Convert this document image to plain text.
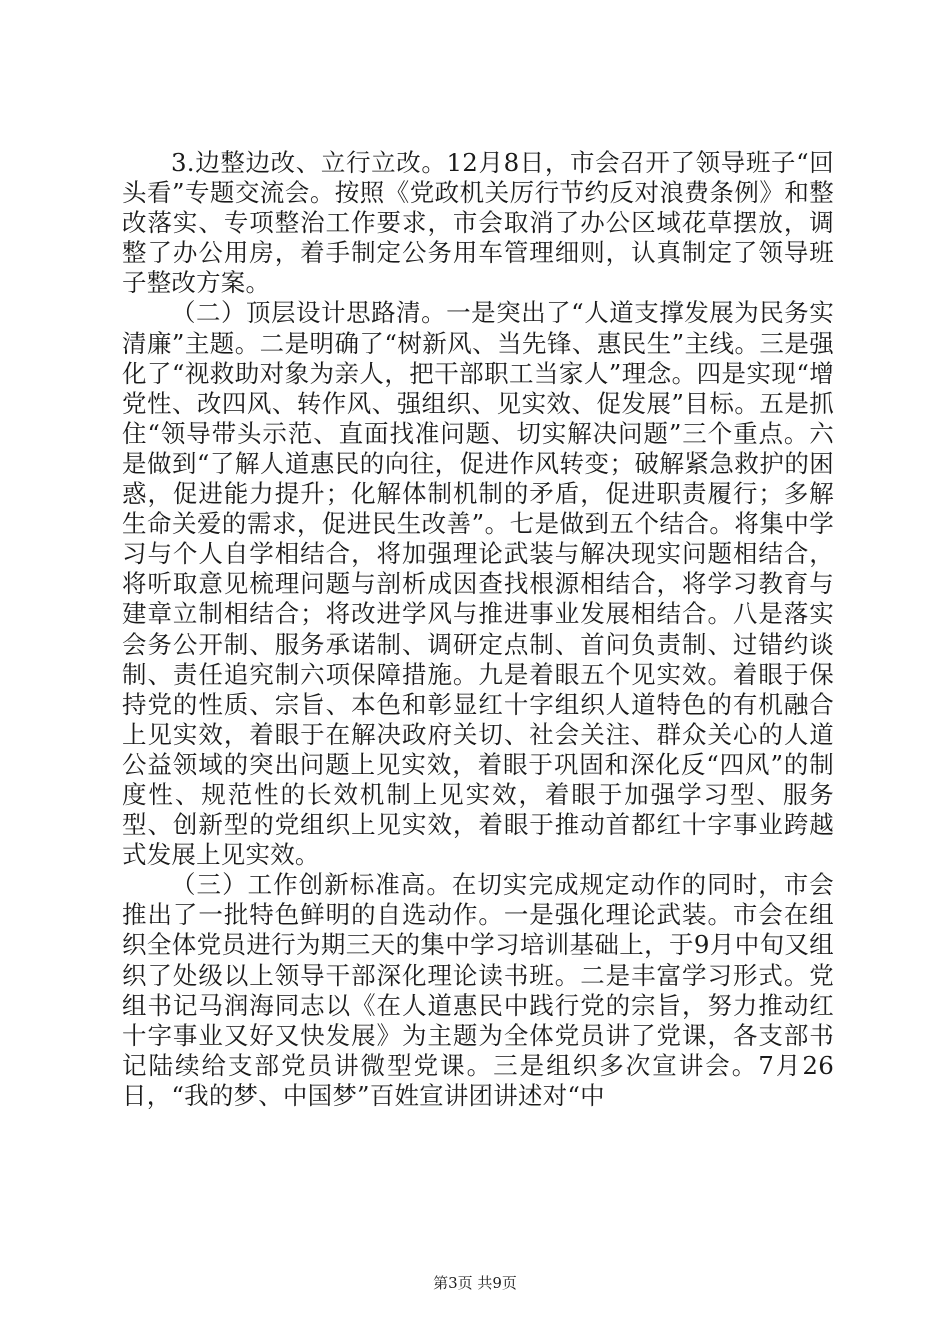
3.边整边改、立行立改。12月8日，市会召开了领导班子“回头看”专题交流会。按照《党政机关厉行节约反对浪费条例》和整改落实、专项整治工作要求，市会取消了办公区域花草摆放，调整了办公用房，着手制定公务用车管理细则，认真制定了领导班子整改方案。

（二）顶层设计思路清。一是突出了“人道支撑发展为民务实清廉”主题。二是明确了“树新风、当先锋、惠民生”主线。三是强化了“视救助对象为亲人，把干部职工当家人”理念。四是实现“增党性、改四风、转作风、强组织、见实效、促发展”目标。五是抓住“领导带头示范、直面找准问题、切实解决问题”三个重点。六是做到“了解人道惠民的向往，促进作风转变；破解紧急救护的困惑，促进能力提升；化解体制机制的矛盾，促进职责履行；多解生命关爱的需求，促进民生改善”。七是做到五个结合。将集中学习与个人自学相结合，将加强理论武装与解决现实问题相结合，将听取意见梳理问题与剖析成因查找根源相结合，将学习教育与建章立制相结合；将改进学风与推进事业发展相结合。八是落实会务公开制、服务承诺制、调研定点制、首问负责制、过错约谈制、责任追究制六项保障措施。九是着眼五个见实效。着眼于保持党的性质、宗旨、本色和彰显红十字组织人道特色的有机融合上见实效，着眼于在解决政府关切、社会关注、群众关心的人道公益领域的突出问题上见实效，着眼于巩固和深化反“四风”的制度性、规范性的长效机制上见实效，着眼于加强学习型、服务型、创新型的党组织上见实效，着眼于推动首都红十字事业跨越式发展上见实效。

（三）工作创新标准高。在切实完成规定动作的同时，市会推出了一批特色鲜明的自选动作。一是强化理论武装。市会在组织全体党员进行为期三天的集中学习培训基础上，于9月中旬又组织了处级以上领导干部深化理论读书班。二是丰富学习形式。党组书记马润海同志以《在人道惠民中践行党的宗旨，努力推动红十字事业又好又快发展》为主题为全体党员讲了党课，各支部书记陆续给支部党员讲微型党课。三是组织多次宣讲会。7月26日，“我的梦、中国梦”百姓宣讲团讲述对“中

第3页 共9页
